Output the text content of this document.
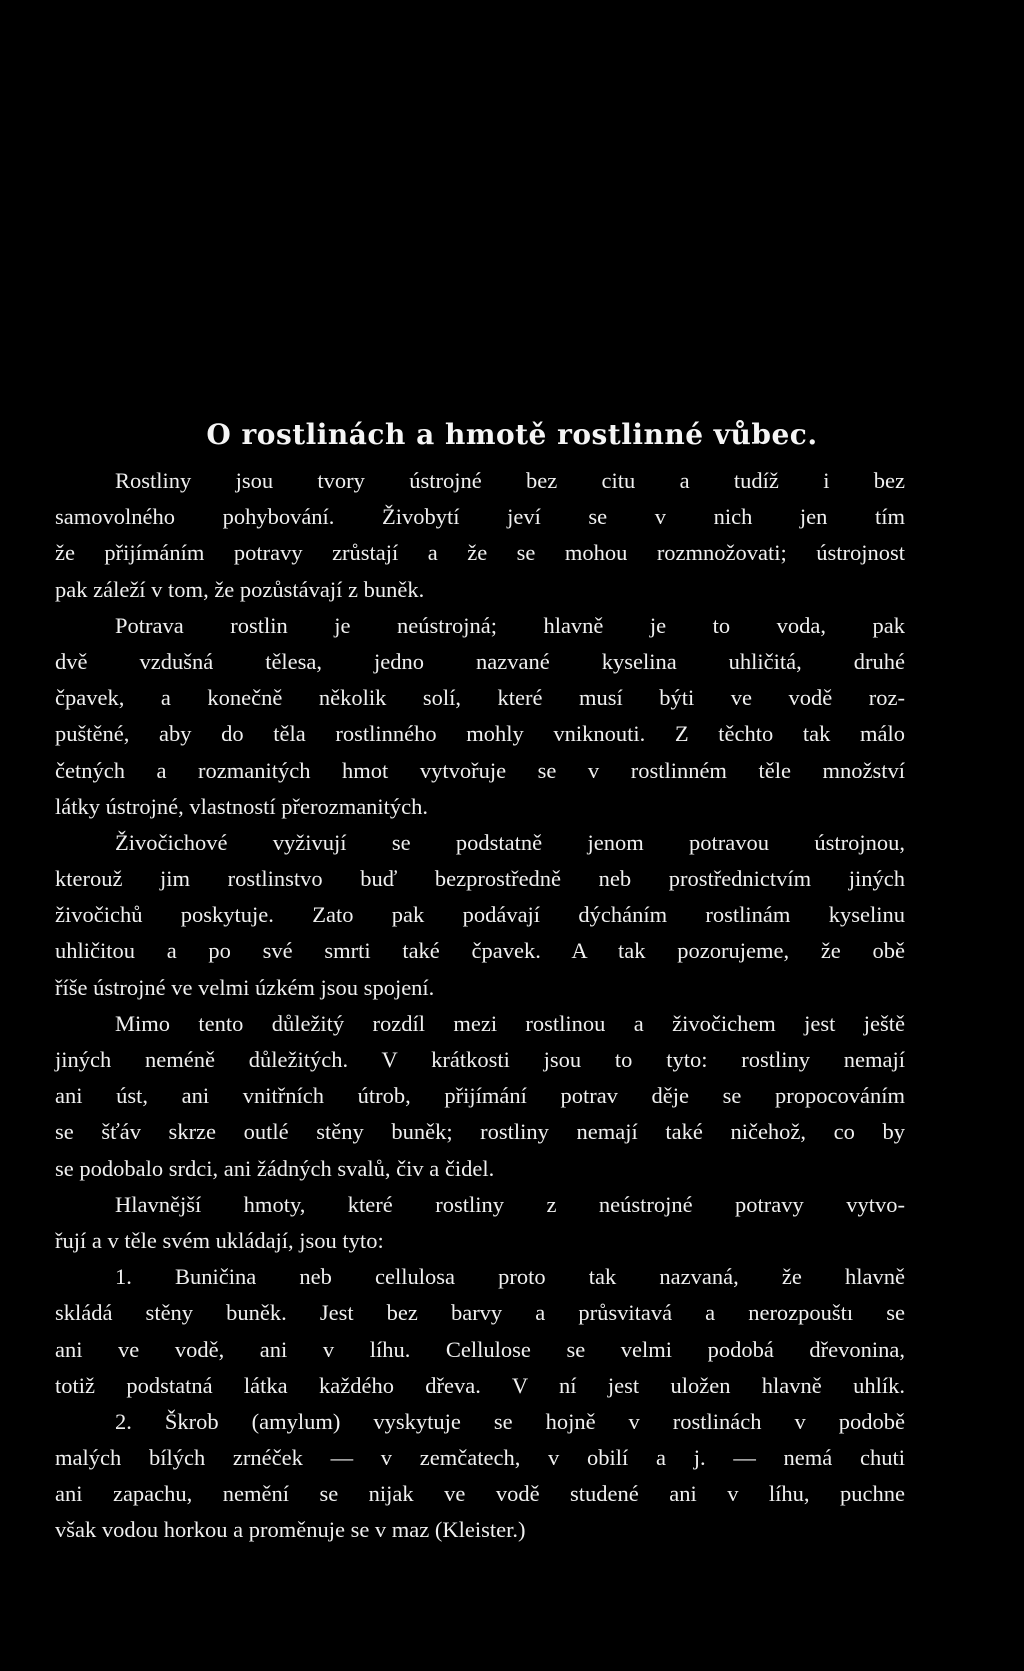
O rostlinách a hmotě rostlinné vůbec.
Rostliny jsou tvory ústrojné bez citu a tudíž i bez
samovolného pohybování. Živobytí jeví se v nich jen tím
že přijímáním potravy zrůstají a že se mohou rozmnožovati; ústrojnost
pak záleží v tom, že pozůstávají z buněk.
Potrava rostlin je neústrojná; hlavně je to voda, pak
dvě vzdušná tělesa, jedno nazvané kyselina uhličitá, druhé
čpavek, a konečně několik solí, které musí býti ve vodě roz-
puštěné, aby do těla rostlinného mohly vniknouti. Z těchto tak málo
četných a rozmanitých hmot vytvořuje se v rostlinném těle množství
látky ústrojné, vlastností přerozmanitých.
Živočichové vyživují se podstatně jenom potravou ústrojnou,
kterouž jim rostlinstvo buď bezprostředně neb prostřednictvím jiných
živočichů poskytuje. Zato pak podávají dýcháním rostlinám kyselinu
uhličitou a po své smrti také čpavek. A tak pozorujeme, že obě
říše ústrojné ve velmi úzkém jsou spojení.
Mimo tento důležitý rozdíl mezi rostlinou a živočichem jest ještě
jiných neméně důležitých. V krátkosti jsou to tyto: rostliny nemají
ani úst, ani vnitřních útrob, přijímání potrav děje se propocováním
se šťáv skrze outlé stěny buněk; rostliny nemají také ničehož, co by
se podobalo srdci, ani žádných svalů, čiv a čidel.
Hlavnější hmoty, které rostliny z neústrojné potravy vytvo-
řují a v těle svém ukládají, jsou tyto:
1. Buničina neb cellulosa proto tak nazvaná, že hlavně
skládá stěny buněk. Jest bez barvy a průsvitavá a nerozpouštı se
ani ve vodě, ani v líhu. Cellulose se velmi podobá dřevonina,
totiž podstatná látka každého dřeva. V ní jest uložen hlavně uhlík.
2. Škrob (amylum) vyskytuje se hojně v rostlinách v podobě
malých bílých zrnéček — v zemčatech, v obilí a j. — nemá chuti
ani zapachu, nemění se nijak ve vodě studené ani v líhu, puchne
však vodou horkou a proměnuje se v maz (Kleister.)
